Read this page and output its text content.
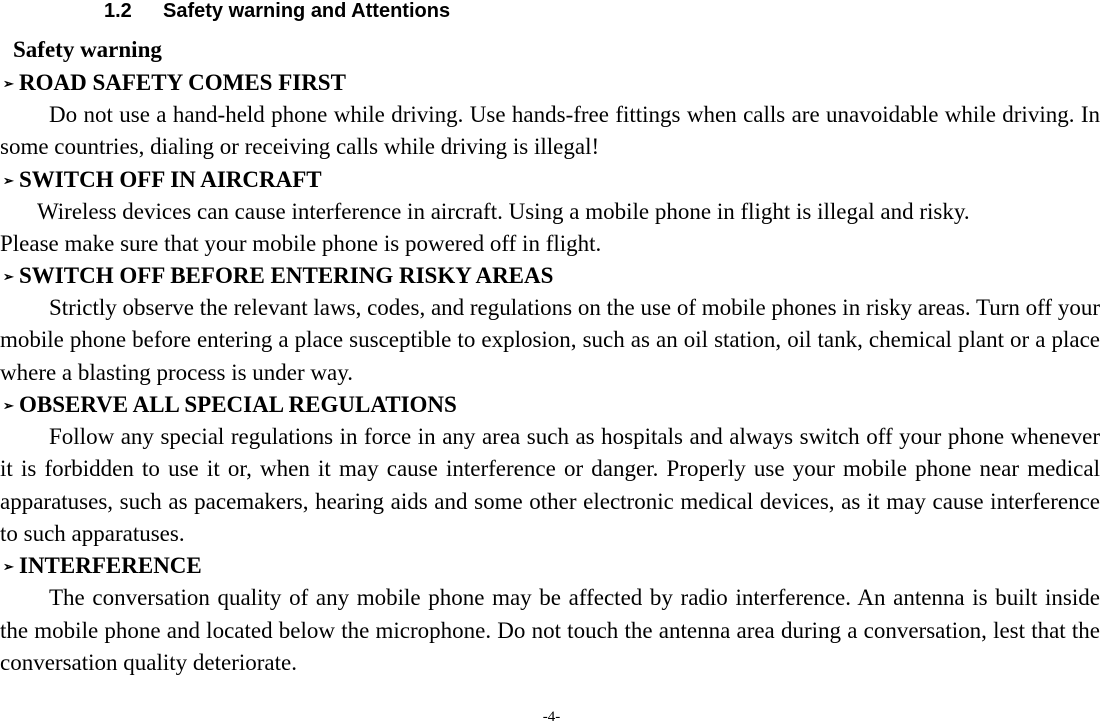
1.2 Safety warning and Attentions
Safety warning
➢ ROAD SAFETY COMES FIRST

Do not use a hand-held phone while driving. Use hands-free fittings when calls are unavoidable while driving. In some countries, dialing or receiving calls while driving is illegal!

➢ SWITCH OFF IN AIRCRAFT

Wireless devices can cause interference in aircraft. Using a mobile phone in flight is illegal and risky.

Please make sure that your mobile phone is powered off in flight.

➢ SWITCH OFF BEFORE ENTERING RISKY AREAS

Strictly observe the relevant laws, codes, and regulations on the use of mobile phones in risky areas. Turn off your mobile phone before entering a place susceptible to explosion, such as an oil station, oil tank, chemical plant or a place where a blasting process is under way.

➢ OBSERVE ALL SPECIAL REGULATIONS

Follow any special regulations in force in any area such as hospitals and always switch off your phone whenever it is forbidden to use it or, when it may cause interference or danger. Properly use your mobile phone near medical apparatuses, such as pacemakers, hearing aids and some other electronic medical devices, as it may cause interference to such apparatuses.

➢ INTERFERENCE

The conversation quality of any mobile phone may be affected by radio interference. An antenna is built inside the mobile phone and located below the microphone. Do not touch the antenna area during a conversation, lest that the conversation quality deteriorate.

-4-
